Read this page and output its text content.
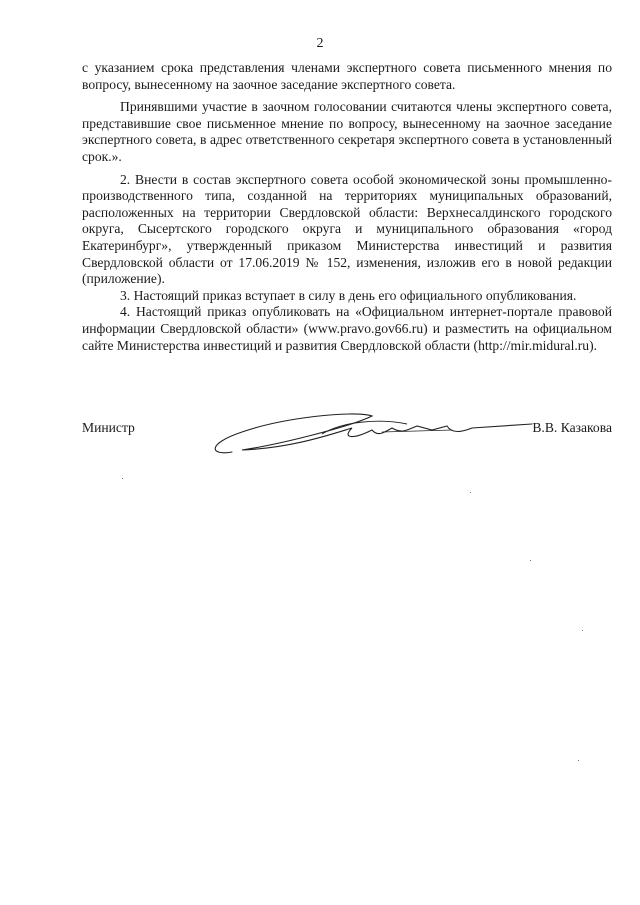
2

с указанием срока представления членами экспертного совета письменного мнения по вопросу, вынесенному на заочное заседание экспертного совета.

Принявшими участие в заочном голосовании считаются члены экспертного совета, представившие свое письменное мнение по вопросу, вынесенному на заочное заседание экспертного совета, в адрес ответственного секретаря экспертного совета в установленный срок.».

2. Внести в состав экспертного совета особой экономической зоны промышленно-производственного типа, созданной на территориях муниципальных образований, расположенных на территории Свердловской области: Верхнесалдинского городского округа, Сысертского городского округа и муниципального образования «город Екатеринбург», утвержденный приказом Министерства инвестиций и развития Свердловской области от 17.06.2019 № 152, изменения, изложив его в новой редакции (приложение).

3. Настоящий приказ вступает в силу в день его официального опубликования.

4. Настоящий приказ опубликовать на «Официальном интернет-портале правовой информации Свердловской области» (www.pravo.gov66.ru) и разместить на официальном сайте Министерства инвестиций и развития Свердловской области (http://mir.midural.ru).

Министр	В.В. Казакова
